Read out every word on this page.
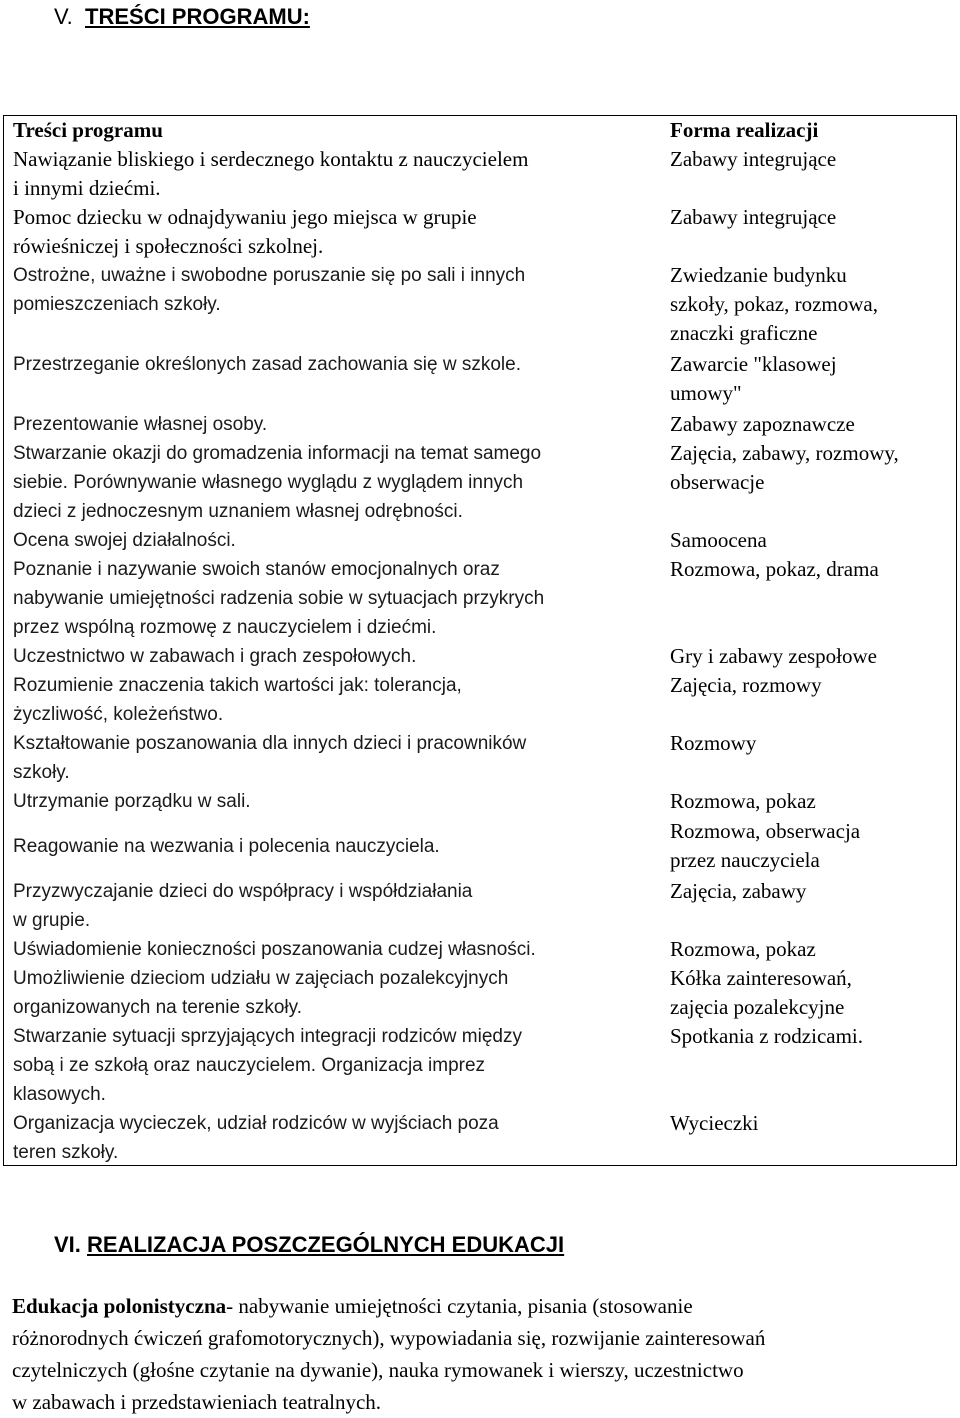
V. TREŚCI PROGRAMU:
Treści programu
Nawiązanie bliskiego i serdecznego kontaktu z nauczycielem
i innymi dziećmi.
Pomoc dziecku w odnajdywaniu jego miejsca w grupie
rówieśniczej i społeczności szkolnej.
Ostrożne, uważne i swobodne poruszanie się po sali i innych
pomieszczeniach szkoły.
Przestrzeganie określonych zasad zachowania się w szkole.
Prezentowanie własnej osoby.
Stwarzanie okazji do gromadzenia informacji na temat samego
siebie. Porównywanie własnego wyglądu z wyglądem innych
dzieci z jednoczesnym uznaniem własnej odrębności.
Ocena swojej działalności.
Poznanie i nazywanie swoich stanów emocjonalnych oraz
nabywanie umiejętności radzenia sobie w sytuacjach przykrych
przez wspólną rozmowę z nauczycielem i dziećmi.
Uczestnictwo w zabawach i grach zespołowych.
Rozumienie znaczenia takich wartości jak: tolerancja,
życzliwość, koleżeństwo.
Kształtowanie poszanowania dla innych dzieci i pracowników
szkoły.
Utrzymanie porządku w sali.
Reagowanie na wezwania i polecenia nauczyciela.
Przyzwyczajanie dzieci do współpracy i współdziałania
w grupie.
Uświadomienie konieczności poszanowania cudzej własności.
Umożliwienie dzieciom udziału w zajęciach pozalekcyjnych
organizowanych na terenie szkoły.
Stwarzanie sytuacji sprzyjających integracji rodziców między
sobą i ze szkołą oraz nauczycielem. Organizacja imprez
klasowych.
Organizacja wycieczek, udział rodziców w wyjściach poza
teren szkoły.
Forma realizacji
Zabawy integrujące
Zabawy integrujące
Zwiedzanie budynku
szkoły, pokaz, rozmowa,
znaczki graficzne
Zawarcie "klasowej
umowy"
Zabawy zapoznawcze
Zajęcia, zabawy, rozmowy,
obserwacje
Samoocena
Rozmowa, pokaz, drama
Gry i zabawy zespołowe
Zajęcia, rozmowy
Rozmowy
Rozmowa, pokaz
Rozmowa, obserwacja
przez nauczyciela
Zajęcia, zabawy
Rozmowa, pokaz
Kółka zainteresowań,
zajęcia pozalekcyjne
Spotkania z rodzicami.
Wycieczki
VI. REALIZACJA POSZCZEGÓLNYCH EDUKACJI
Edukacja polonistyczna- nabywanie umiejętności czytania, pisania (stosowanie
różnorodnych ćwiczeń grafomotorycznych), wypowiadania się, rozwijanie zainteresowań
czytelniczych (głośne czytanie na dywanie), nauka rymowanek i wierszy, uczestnictwo
w zabawach i przedstawieniach teatralnych.
